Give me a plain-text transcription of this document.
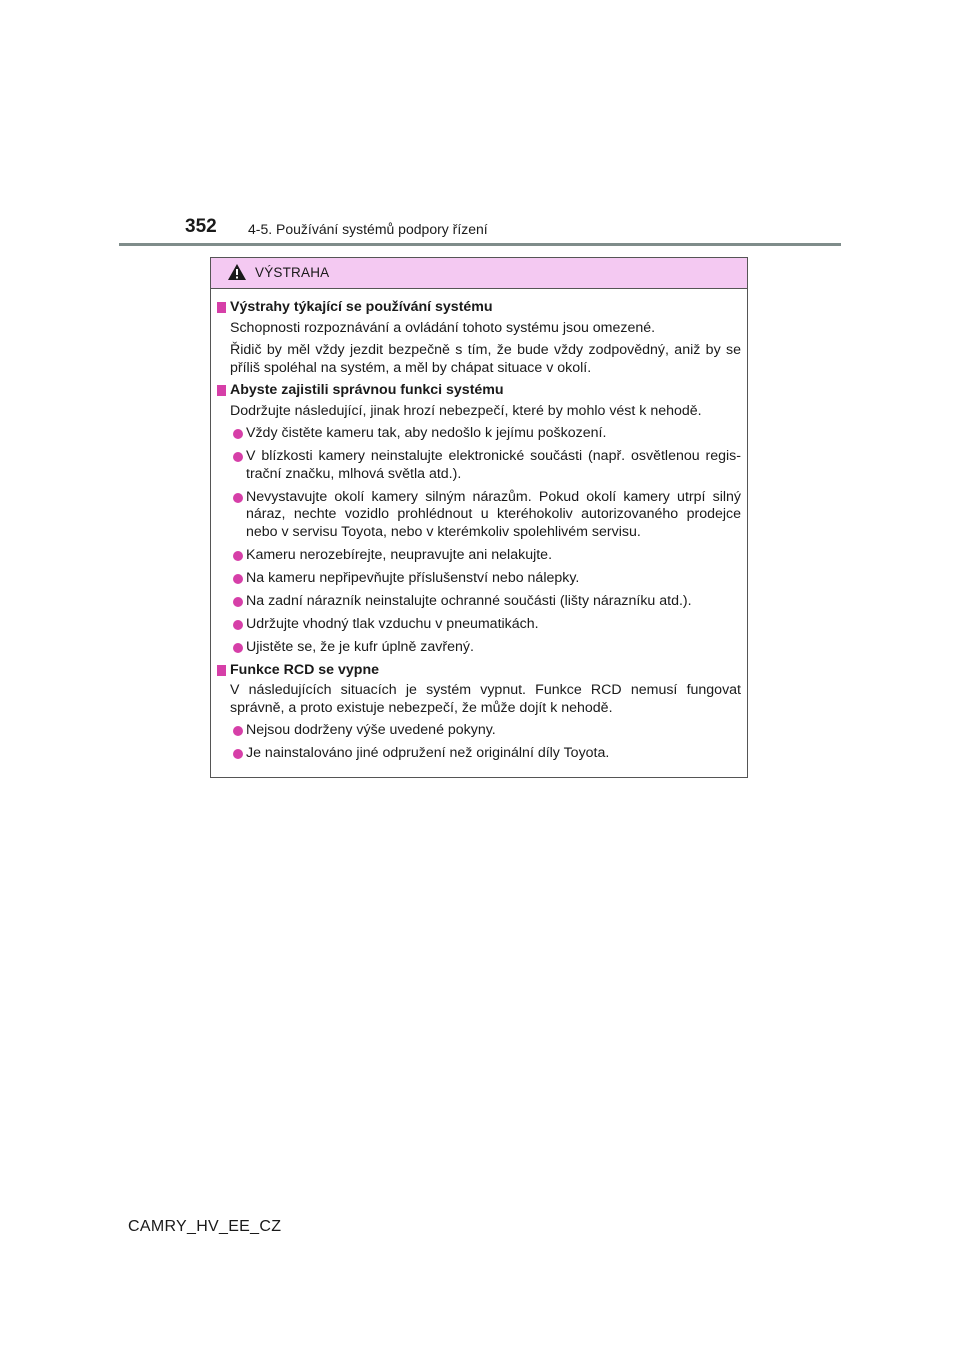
352 4-5. Používání systémů podpory řízení
VÝSTRAHA
Výstrahy týkající se používání systému
Schopnosti rozpoznávání a ovládání tohoto systému jsou omezené.
Řidič by měl vždy jezdit bezpečně s tím, že bude vždy zodpovědný, aniž by se příliš spoléhal na systém, a měl by chápat situace v okolí.
Abyste zajistili správnou funkci systému
Dodržujte následující, jinak hrozí nebezpečí, které by mohlo vést k nehodě.
Vždy čistěte kameru tak, aby nedošlo k jejímu poškození.
V blízkosti kamery neinstalujte elektronické součásti (např. osvětlenou regis- trační značku, mlhová světla atd.).
Nevystavujte okolí kamery silným nárazům. Pokud okolí kamery utrpí silný náraz, nechte vozidlo prohlédnout u kteréhokoliv autorizovaného prodejce nebo v servisu Toyota, nebo v kterémkoliv spolehlivém servisu.
Kameru nerozebírejte, neupravujte ani nelakujte.
Na kameru nepřipevňujte příslušenství nebo nálepky.
Na zadní nárazník neinstalujte ochranné součásti (lišty nárazníku atd.).
Udržujte vhodný tlak vzduchu v pneumatikách.
Ujistěte se, že je kufr úplně zavřený.
Funkce RCD se vypne
V následujících situacích je systém vypnut. Funkce RCD nemusí fungovat správně, a proto existuje nebezpečí, že může dojít k nehodě.
Nejsou dodrženy výše uvedené pokyny.
Je nainstalováno jiné odpružení než originální díly Toyota.
CAMRY_HV_EE_CZ
